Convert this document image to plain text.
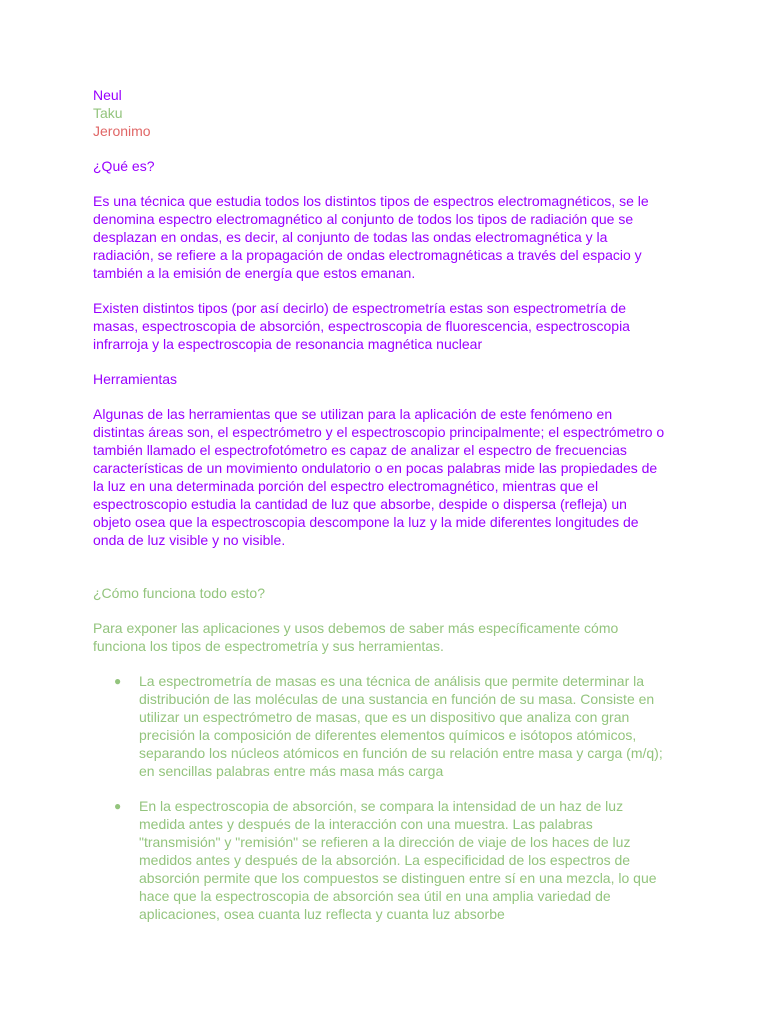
Neul

Taku

Jeronimo

¿Qué es?

Es una técnica que estudia todos los distintos tipos de espectros electromagnéticos, se le denomina espectro electromagnético al conjunto de todos los tipos de radiación que se desplazan en ondas, es decir, al conjunto de todas las ondas electromagnética y la radiación, se refiere a la propagación de ondas electromagnéticas a través del espacio y también a la emisión de energía que estos emanan.

Existen distintos tipos (por así decirlo) de espectrometría estas son espectrometría de masas, espectroscopia de absorción, espectroscopia de fluorescencia, espectroscopia infrarroja y la espectroscopia de resonancia magnética nuclear

Herramientas

Algunas de las herramientas que se utilizan para la aplicación de este fenómeno en distintas áreas son, el espectrómetro y el espectroscopio principalmente; el espectrómetro o también llamado el espectrofotómetro es capaz de analizar el espectro de frecuencias características de un movimiento ondulatorio o en pocas palabras mide las propiedades de la luz en una determinada porción del espectro electromagnético, mientras que el espectroscopio estudia la cantidad de luz que absorbe, despide o dispersa (refleja) un objeto osea que la espectroscopia descompone la luz y la mide diferentes longitudes de onda de luz visible y no visible.

¿Cómo funciona todo esto?

Para exponer las aplicaciones y usos debemos de saber más específicamente cómo funciona los tipos de espectrometría y sus herramientas.

● La espectrometría de masas es una técnica de análisis que permite determinar la distribución de las moléculas de una sustancia en función de su masa. Consiste en utilizar un espectrómetro de masas, que es un dispositivo que analiza con gran precisión la composición de diferentes elementos químicos e isótopos atómicos, separando los núcleos atómicos en función de su relación entre masa y carga (m/q); en sencillas palabras entre más masa más carga
● En la espectroscopia de absorción, se compara la intensidad de un haz de luz medida antes y después de la interacción con una muestra. Las palabras "transmisión" y "remisión" se refieren a la dirección de viaje de los haces de luz medidos antes y después de la absorción. La especificidad de los espectros de absorción permite que los compuestos se distinguen entre sí en una mezcla, lo que hace que la espectroscopia de absorción sea útil en una amplia variedad de aplicaciones, osea cuanta luz reflecta y cuanta luz absorbe
